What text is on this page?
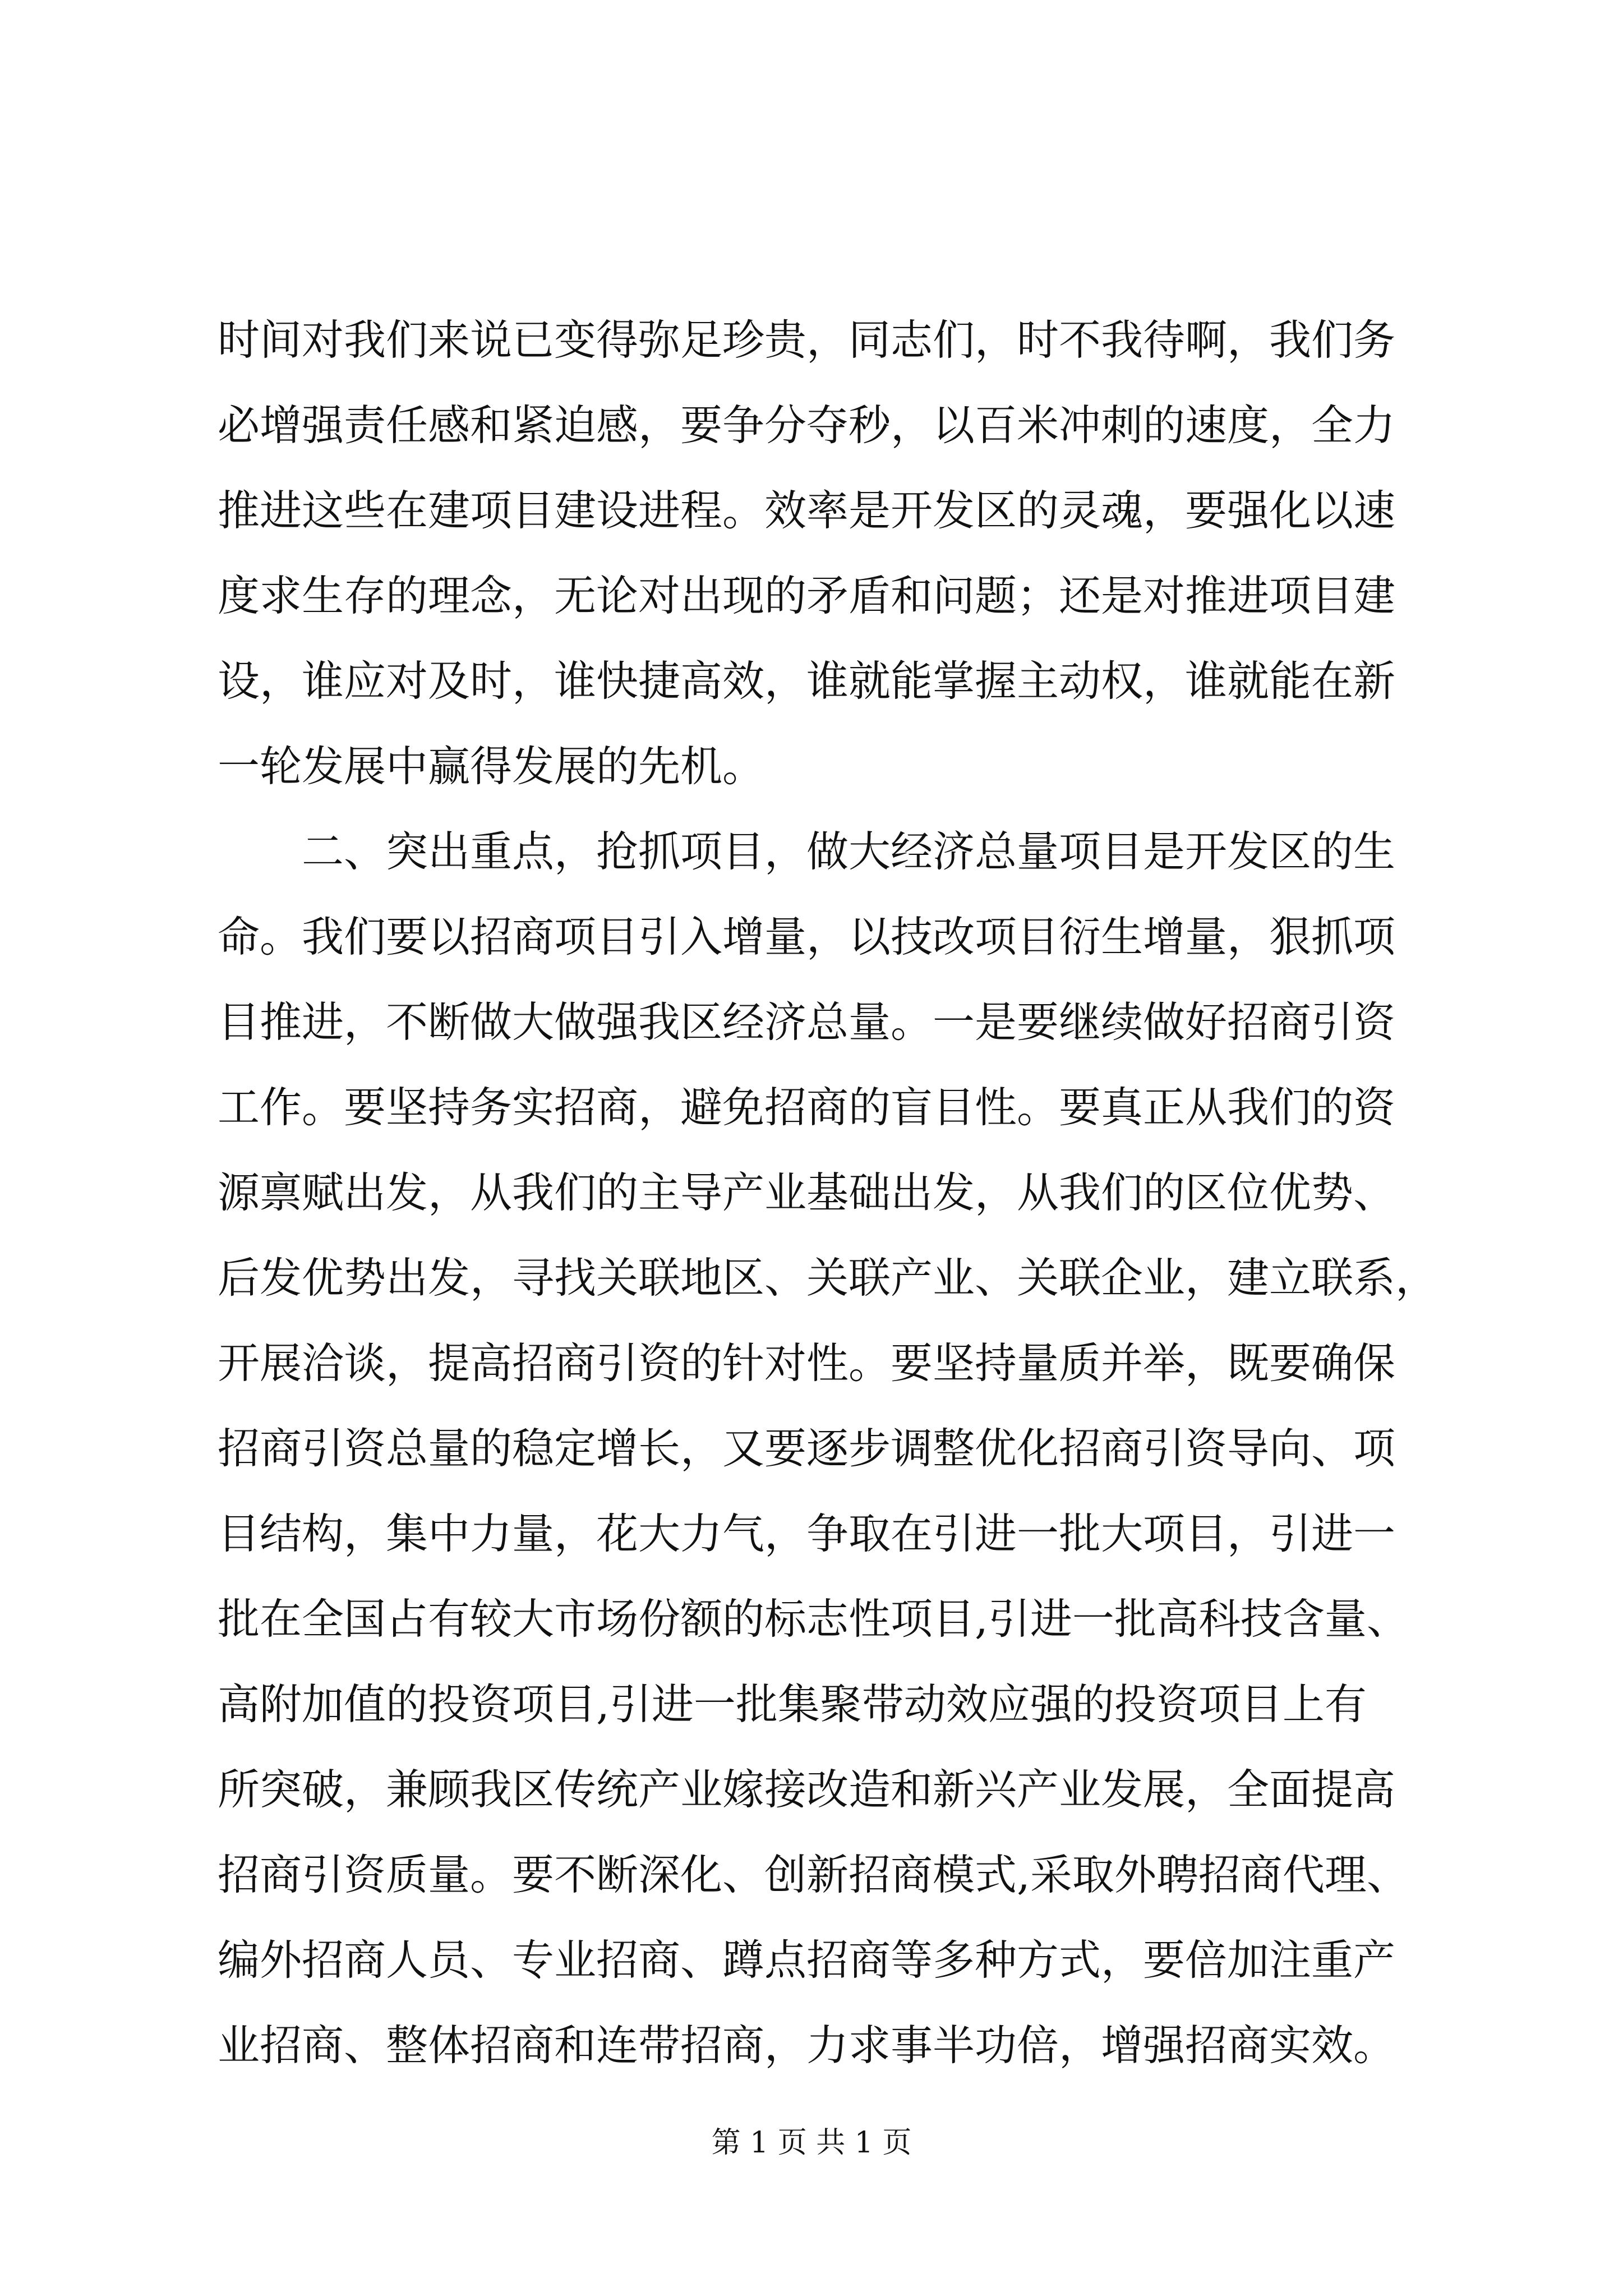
时间对我们来说已变得弥足珍贵，同志们，时不我待啊，我们务
必增强责任感和紧迫感，要争分夺秒，以百米冲刺的速度，全力
推进这些在建项目建设进程。效率是开发区的灵魂，要强化以速
度求生存的理念，无论对出现的矛盾和问题；还是对推进项目建
设，谁应对及时，谁快捷高效，谁就能掌握主动权，谁就能在新
一轮发展中赢得发展的先机。
二、突出重点，抢抓项目，做大经济总量项目是开发区的生
命。我们要以招商项目引入增量，以技改项目衍生增量，狠抓项
目推进，不断做大做强我区经济总量。一是要继续做好招商引资
工作。要坚持务实招商，避免招商的盲目性。要真正从我们的资
源禀赋出发，从我们的主导产业基础出发，从我们的区位优势、
后发优势出发，寻找关联地区、关联产业、关联企业，建立联系，
开展洽谈，提高招商引资的针对性。要坚持量质并举，既要确保
招商引资总量的稳定增长，又要逐步调整优化招商引资导向、项
目结构，集中力量，花大力气，争取在引进一批大项目，引进一
批在全国占有较大市场份额的标志性项目,引进一批高科技含量、
高附加值的投资项目,引进一批集聚带动效应强的投资项目上有
所突破，兼顾我区传统产业嫁接改造和新兴产业发展，全面提高
招商引资质量。要不断深化、创新招商模式,采取外聘招商代理、
编外招商人员、专业招商、蹲点招商等多种方式，要倍加注重产
业招商、整体招商和连带招商，力求事半功倍，增强招商实效。
第 1 页 共 1 页
